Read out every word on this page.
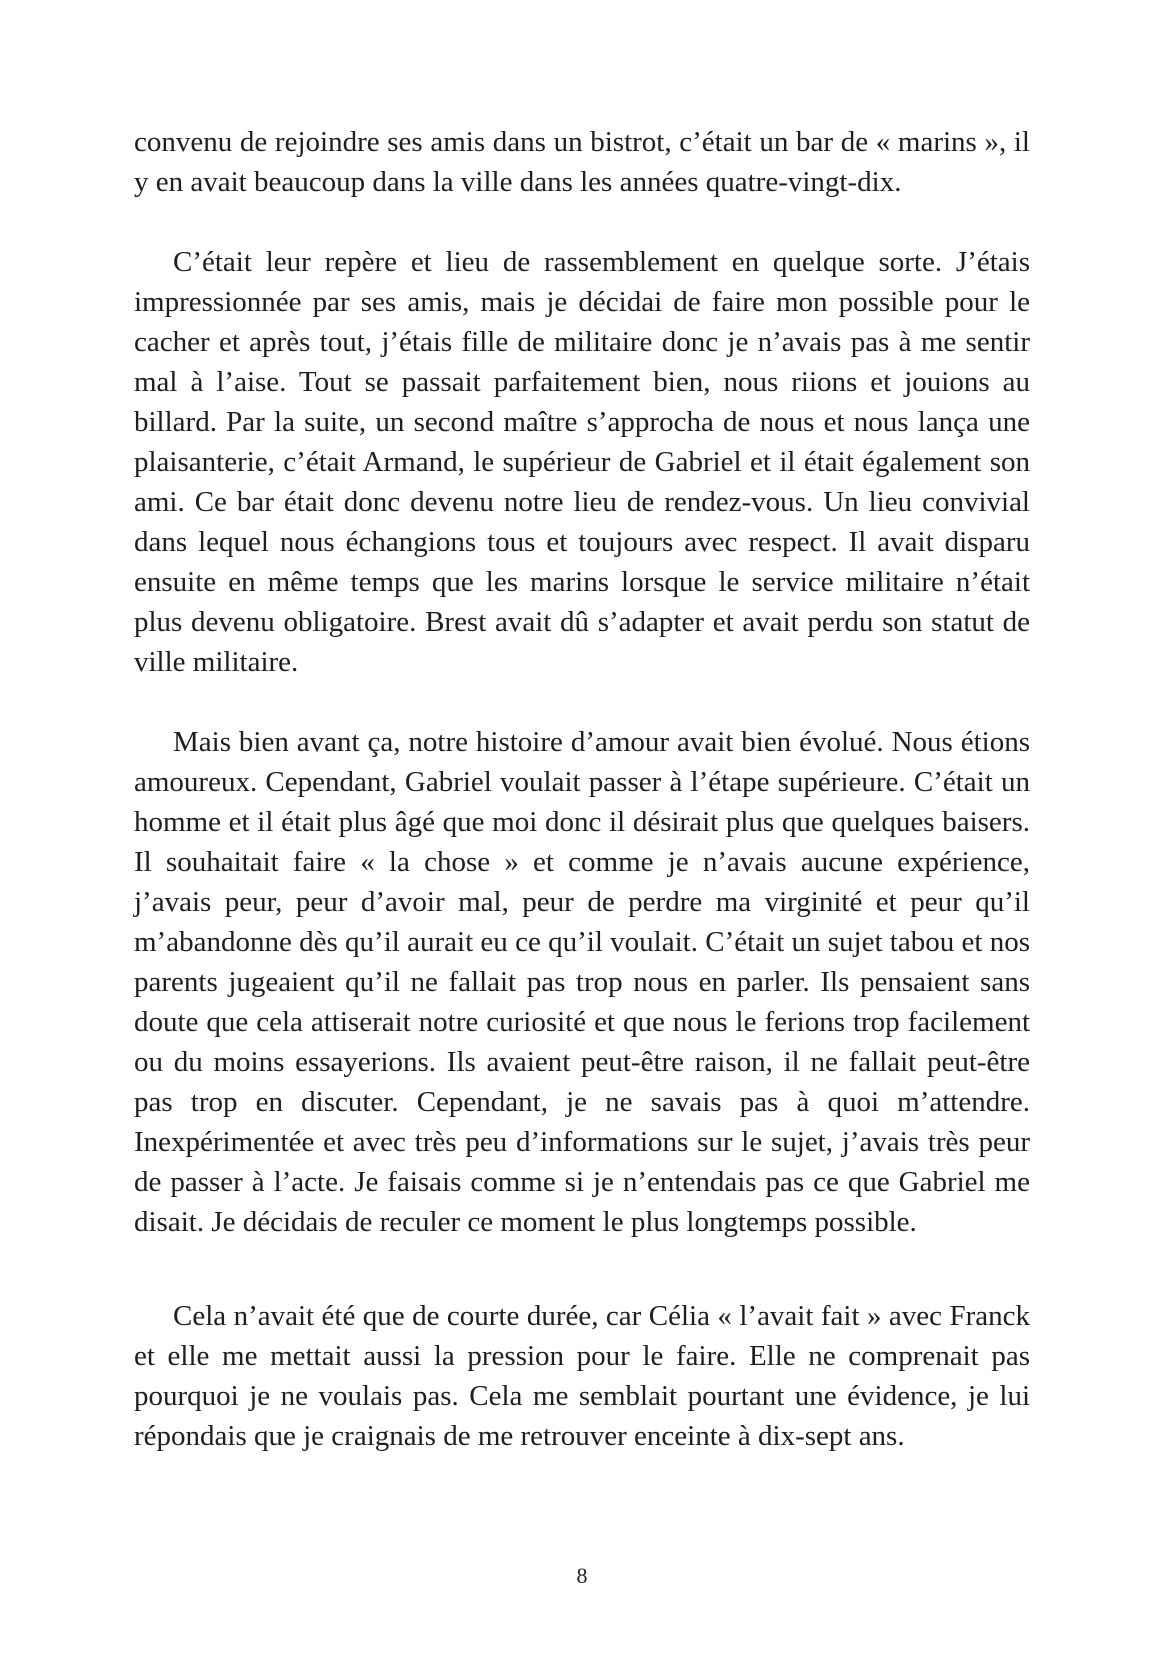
convenu de rejoindre ses amis dans un bistrot, c’était un bar de « marins », il y en avait beaucoup dans la ville dans les années quatre-vingt-dix.

C’était leur repère et lieu de rassemblement en quelque sorte. J’étais impressionnée par ses amis, mais je décidai de faire mon possible pour le cacher et après tout, j’étais fille de militaire donc je n’avais pas à me sentir mal à l’aise. Tout se passait parfaitement bien, nous riions et jouions au billard. Par la suite, un second maître s’approcha de nous et nous lança une plaisanterie, c’était Armand, le supérieur de Gabriel et il était également son ami. Ce bar était donc devenu notre lieu de rendez-vous. Un lieu convivial dans lequel nous échangions tous et toujours avec respect. Il avait disparu ensuite en même temps que les marins lorsque le service militaire n’était plus devenu obligatoire. Brest avait dû s’adapter et avait perdu son statut de ville militaire.

Mais bien avant ça, notre histoire d’amour avait bien évolué. Nous étions amoureux. Cependant, Gabriel voulait passer à l’étape supérieure. C’était un homme et il était plus âgé que moi donc il désirait plus que quelques baisers. Il souhaitait faire « la chose » et comme je n’avais aucune expérience, j’avais peur, peur d’avoir mal, peur de perdre ma virginité et peur qu’il m’abandonne dès qu’il aurait eu ce qu’il voulait. C’était un sujet tabou et nos parents jugeaient qu’il ne fallait pas trop nous en parler. Ils pensaient sans doute que cela attiserait notre curiosité et que nous le ferions trop facilement ou du moins essayerions. Ils avaient peut-être raison, il ne fallait peut-être pas trop en discuter. Cependant, je ne savais pas à quoi m’attendre. Inexpérimentée et avec très peu d’informations sur le sujet, j’avais très peur de passer à l’acte. Je faisais comme si je n’entendais pas ce que Gabriel me disait. Je décidais de reculer ce moment le plus longtemps possible.

Cela n’avait été que de courte durée, car Célia « l’avait fait » avec Franck et elle me mettait aussi la pression pour le faire. Elle ne comprenait pas pourquoi je ne voulais pas. Cela me semblait pourtant une évidence, je lui répondais que je craignais de me retrouver enceinte à dix-sept ans.

8
